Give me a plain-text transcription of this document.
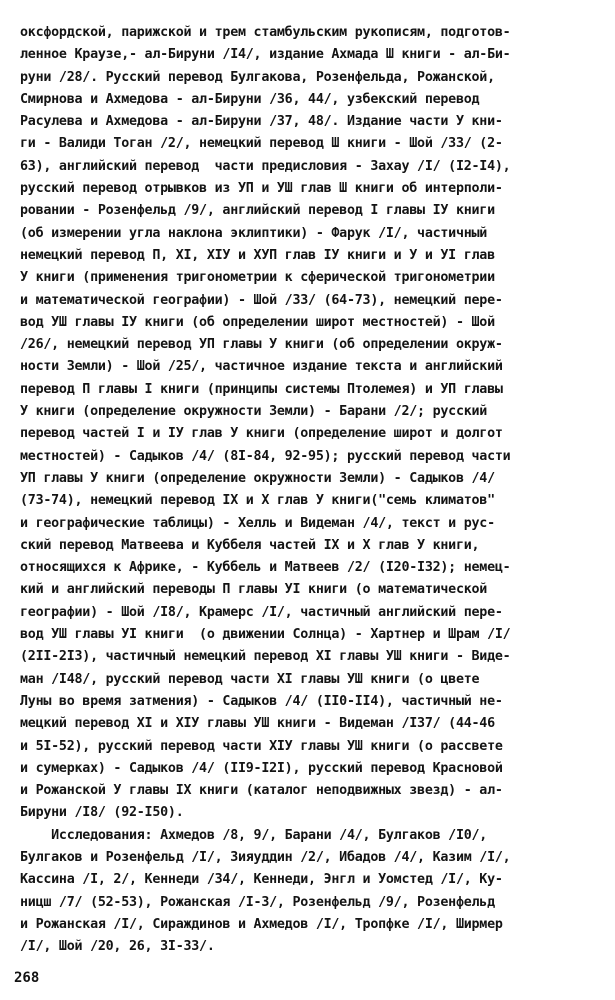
оксфордской, парижской и трем стамбульским рукописям, подготов-
ленное Краузе,- ал-Бируни /I4/, издание Ахмада Ш книги - ал-Би-
руни /28/. Русский перевод Булгакова, Розенфельда, Рожанской,
Смирнова и Ахмедова - ал-Бируни /36, 44/, узбекский перевод
Расулева и Ахмедова - ал-Бируни /37, 48/. Издание части У кни-
ги - Валиди Тоган /2/, немецкий перевод Ш книги - Шой /33/ (2-
63), английский перевод  части предисловия - Захау /I/ (I2-I4),
русский перевод отрывков из УП и УШ глав Ш книги об интерполи-
ровании - Розенфельд /9/, английский перевод I главы IУ книги
(об измерении угла наклона эклиптики) - Фарук /I/, частичный
немецкий перевод П, XI, XIУ и XУП глав IУ книги и У и УI глав
У книги (применения тригонометрии к сферической тригонометрии
и математической географии) - Шой /33/ (64-73), немецкий пере-
вод УШ главы IУ книги (об определении широт местностей) - Шой
/26/, немецкий перевод УП главы У книги (об определении окруж-
ности Земли) - Шой /25/, частичное издание текста и английский
перевод П главы I книги (принципы системы Птолемея) и УП главы
У книги (определение окружности Земли) - Барани /2/; русский
перевод частей I и IУ глав У книги (определение широт и долгот
местностей) - Садыков /4/ (8I-84, 92-95); русский перевод части
УП главы У книги (определение окружности Земли) - Садыков /4/
(73-74), немецкий перевод IX и X глав У книги("семь климатов"
и географические таблицы) - Хелль и Видеман /4/, текст и рус-
ский перевод Матвеева и Куббеля частей IX и X глав У книги,
относящихся к Африке, - Куббель и Матвеев /2/ (I20-I32); немец-
кий и английский переводы П главы УI книги (о математической
географии) - Шой /I8/, Крамерс /I/, частичный английский пере-
вод УШ главы УI книги  (о движении Солнца) - Хартнер и Шрам /I/
(2II-2I3), частичный немецкий перевод XI главы УШ книги - Виде-
ман /I48/, русский перевод части XI главы УШ книги (о цвете
Луны во время затмения) - Садыков /4/ (II0-II4), частичный не-
мецкий перевод XI и XIУ главы УШ книги - Видеман /I37/ (44-46
и 5I-52), русский перевод части XIУ главы УШ книги (о рассвете
и сумерках) - Садыков /4/ (II9-I2I), русский перевод Красновой
и Рожанской У главы IX книги (каталог неподвижных звезд) - ал-
Бируни /I8/ (92-I50).
Исследования: Ахмедов /8, 9/, Барани /4/, Булгаков /I0/,
Булгаков и Розенфельд /I/, Зияуддин /2/, Ибадов /4/, Казим /I/,
Кассина /I, 2/, Кеннеди /34/, Кеннеди, Энгл и Уомстед /I/, Ку-
ницш /7/ (52-53), Рожанская /I-3/, Розенфельд /9/, Розенфельд
и Рожанская /I/, Сираждинов и Ахмедов /I/, Тропфке /I/, Ширмер
/I/, Шой /20, 26, 3I-33/.
268
